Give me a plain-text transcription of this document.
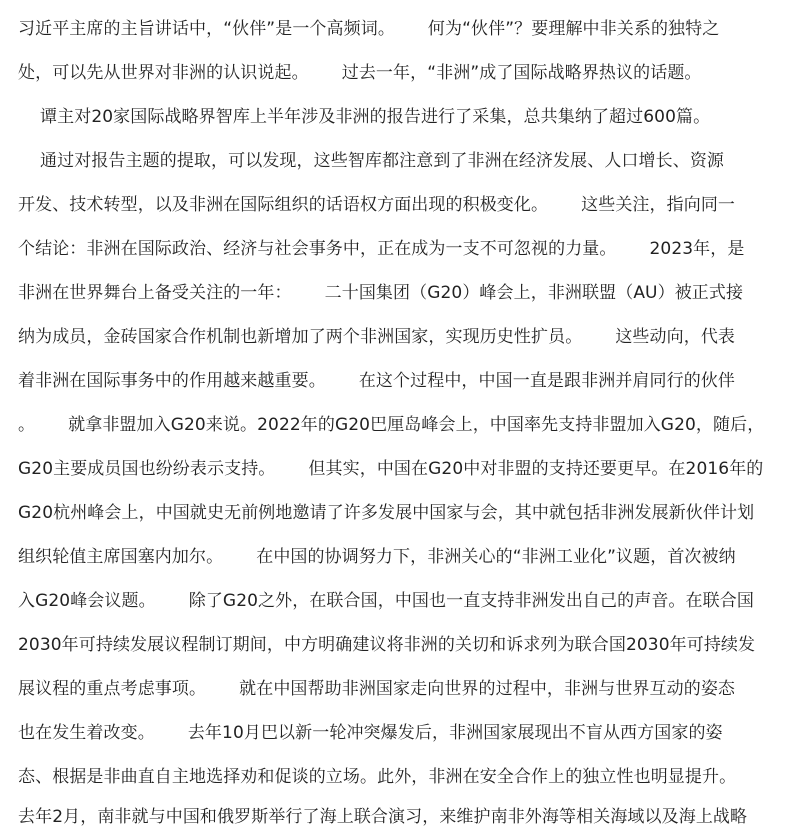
习近平主席的主旨讲话中，“伙伴”是一个高频词。      何为“伙伴”？要理解中非关系的独特之
处，可以先从世界对非洲的认识说起。      过去一年，“非洲”成了国际战略界热议的话题。
谭主对20家国际战略界智库上半年涉及非洲的报告进行了采集，总共集纳了超过600篇。
通过对报告主题的提取，可以发现，这些智库都注意到了非洲在经济发展、人口增长、资源
开发、技术转型，以及非洲在国际组织的话语权方面出现的积极变化。      这些关注，指向同一
个结论：非洲在国际政治、经济与社会事务中，正在成为一支不可忽视的力量。      2023年，是
非洲在世界舞台上备受关注的一年：      二十国集团（G20）峰会上，非洲联盟（AU）被正式接
纳为成员，金砖国家合作机制也新增加了两个非洲国家，实现历史性扩员。      这些动向，代表
着非洲在国际事务中的作用越来越重要。      在这个过程中，中国一直是跟非洲并肩同行的伙伴
。      就拿非盟加入G20来说。2022年的G20巴厘岛峰会上，中国率先支持非盟加入G20，随后，
G20主要成员国也纷纷表示支持。      但其实，中国在G20中对非盟的支持还要更早。在2016年的
G20杭州峰会上，中国就史无前例地邀请了许多发展中国家与会，其中就包括非洲发展新伙伴计划
组织轮值主席国塞内加尔。      在中国的协调努力下，非洲关心的“非洲工业化”议题，首次被纳
入G20峰会议题。      除了G20之外，在联合国，中国也一直支持非洲发出自己的声音。在联合国
2030年可持续发展议程制订期间，中方明确建议将非洲的关切和诉求列为联合国2030年可持续发
展议程的重点考虑事项。      就在中国帮助非洲国家走向世界的过程中，非洲与世界互动的姿态
也在发生着改变。      去年10月巴以新一轮冲突爆发后，非洲国家展现出不盲从西方国家的姿
态、根据是非曲直自主地选择劝和促谈的立场。此外，非洲在安全合作上的独立性也明显提升。
去年2月，南非就与中国和俄罗斯举行了海上联合演习，来维护南非外海等相关海域以及海上战略
